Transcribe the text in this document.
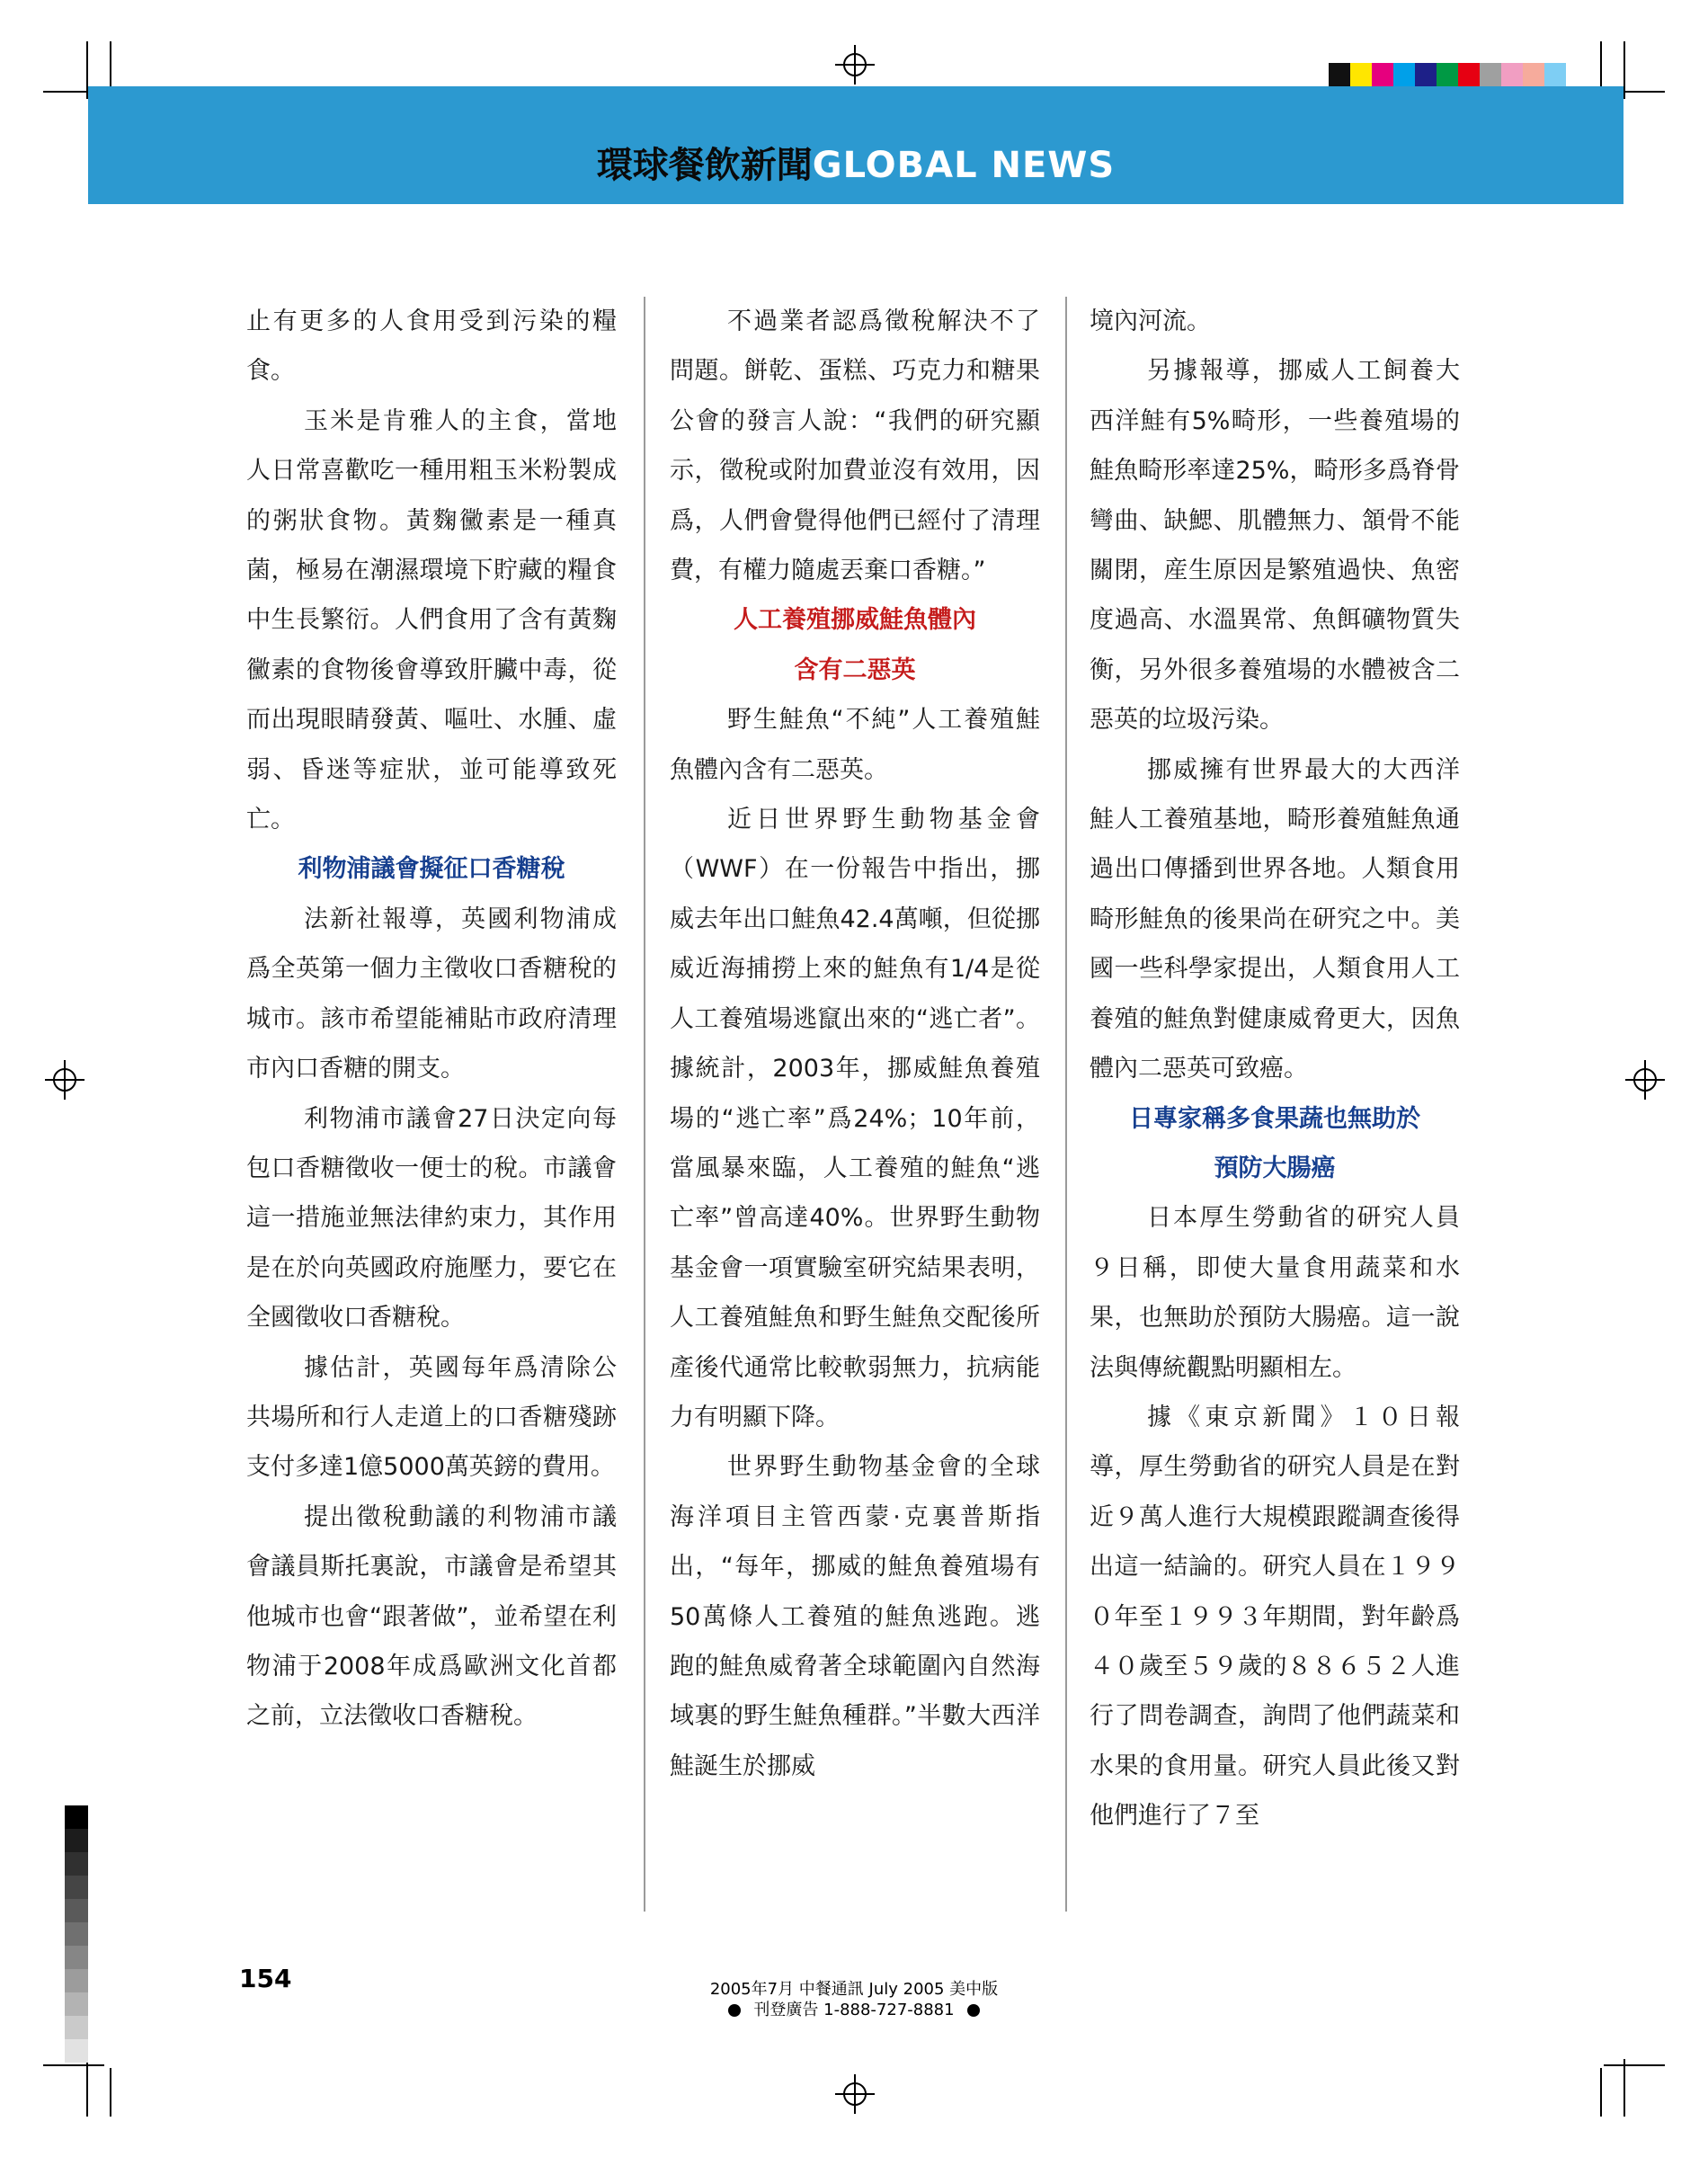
環球餐飲新聞GLOBAL NEWS

止有更多的人食用受到污染的糧食。

玉米是肯雅人的主食，當地人日常喜歡吃一種用粗玉米粉製成的粥狀食物。黃麴黴素是一種真菌，極易在潮濕環境下貯藏的糧食中生長繁衍。人們食用了含有黃麴黴素的食物後會導致肝臟中毒，從而出現眼睛發黃、嘔吐、水腫、虛弱、昏迷等症狀，並可能導致死亡。

利物浦議會擬征口香糖稅

法新社報導，英國利物浦成爲全英第一個力主徵收口香糖稅的城市。該市希望能補貼市政府清理市內口香糖的開支。

利物浦市議會27日決定向每包口香糖徵收一便士的稅。市議會這一措施並無法律約束力，其作用是在於向英國政府施壓力，要它在全國徵收口香糖稅。

據估計，英國每年爲清除公共場所和行人走道上的口香糖殘跡支付多達1億5000萬英鎊的費用。

提出徵稅動議的利物浦市議會議員斯托裏說，市議會是希望其他城市也會“跟著做”，並希望在利物浦于2008年成爲歐洲文化首都之前，立法徵收口香糖稅。

不過業者認爲徵稅解決不了問題。餅乾、蛋糕、巧克力和糖果公會的發言人說：“我們的研究顯示，徵稅或附加費並沒有效用，因爲，人們會覺得他們已經付了清理費，有權力隨處丟棄口香糖。”

人工養殖挪威鮭魚體內
含有二惡英

野生鮭魚“不純”人工養殖鮭魚體內含有二惡英。

近日世界野生動物基金會（WWF）在一份報告中指出，挪威去年出口鮭魚42.4萬噸，但從挪威近海捕撈上來的鮭魚有1/4是從人工養殖場逃竄出來的“逃亡者”。據統計，2003年，挪威鮭魚養殖場的“逃亡率”爲24%；10年前，當風暴來臨，人工養殖的鮭魚“逃亡率”曾高達40%。世界野生動物基金會一項實驗室研究結果表明，人工養殖鮭魚和野生鮭魚交配後所產後代通常比較軟弱無力，抗病能力有明顯下降。

世界野生動物基金會的全球海洋項目主管西蒙·克裏普斯指出，“每年，挪威的鮭魚養殖場有50萬條人工養殖的鮭魚逃跑。逃跑的鮭魚威脅著全球範圍內自然海域裏的野生鮭魚種群。”半數大西洋鮭誕生於挪威

境內河流。

另據報導，挪威人工飼養大西洋鮭有5%畸形，一些養殖場的鮭魚畸形率達25%，畸形多爲脊骨彎曲、缺鰓、肌體無力、頷骨不能關閉，産生原因是繁殖過快、魚密度過高、水溫異常、魚餌礦物質失衡，另外很多養殖場的水體被含二惡英的垃圾污染。

挪威擁有世界最大的大西洋鮭人工養殖基地，畸形養殖鮭魚通過出口傳播到世界各地。人類食用畸形鮭魚的後果尚在研究之中。美國一些科學家提出，人類食用人工養殖的鮭魚對健康威脅更大，因魚體內二惡英可致癌。

日專家稱多食果蔬也無助於
預防大腸癌

日本厚生勞動省的研究人員９日稱，即使大量食用蔬菜和水果，也無助於預防大腸癌。這一說法與傳統觀點明顯相左。

據《東京新聞》１０日報導，厚生勞動省的研究人員是在對近９萬人進行大規模跟蹤調查後得出這一結論的。研究人員在１９９０年至１９９３年期間，對年齡爲４０歲至５９歲的８８６５２人進行了問卷調查，詢問了他們蔬菜和水果的食用量。研究人員此後又對他們進行了７至

154	2005年7月 中餐通訊 July 2005 美中版
刊登廣告 1-888-727-8881
